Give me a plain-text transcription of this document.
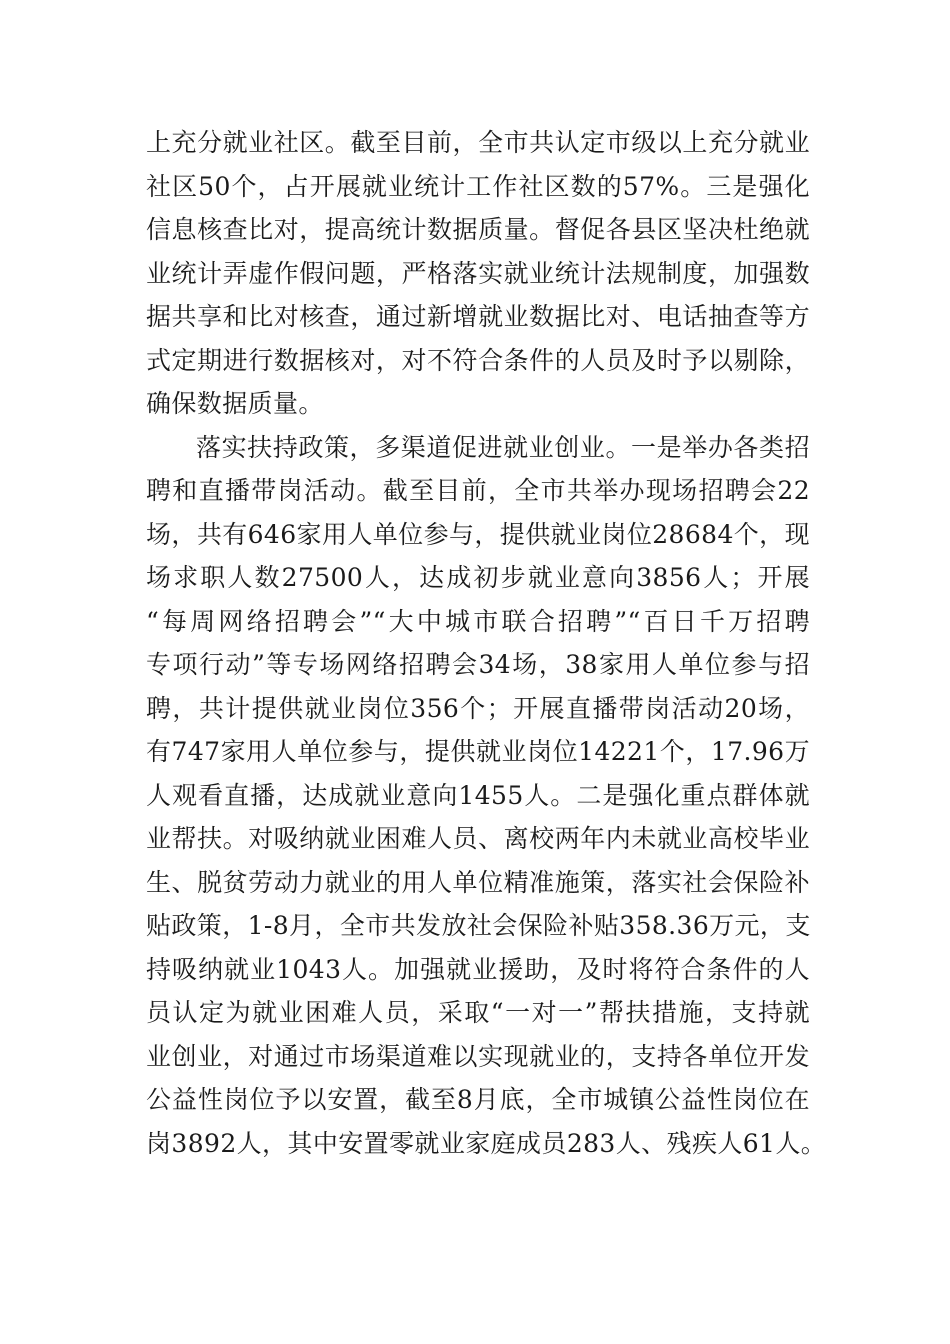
上充分就业社区。截至目前，全市共认定市级以上充分就业
社区50个，占开展就业统计工作社区数的57%。三是强化
信息核查比对，提高统计数据质量。督促各县区坚决杜绝就
业统计弄虚作假问题，严格落实就业统计法规制度，加强数
据共享和比对核查，通过新增就业数据比对、电话抽查等方
式定期进行数据核对，对不符合条件的人员及时予以剔除，
确保数据质量。

落实扶持政策，多渠道促进就业创业。一是举办各类招
聘和直播带岗活动。截至目前，全市共举办现场招聘会22
场，共有646家用人单位参与，提供就业岗位28684个，现
场求职人数27500人，达成初步就业意向3856人；开展
“每周网络招聘会”“大中城市联合招聘”“百日千万招聘
专项行动”等专场网络招聘会34场，38家用人单位参与招
聘，共计提供就业岗位356个；开展直播带岗活动20场，
有747家用人单位参与，提供就业岗位14221个，17.96万
人观看直播，达成就业意向1455人。二是强化重点群体就
业帮扶。对吸纳就业困难人员、离校两年内未就业高校毕业
生、脱贫劳动力就业的用人单位精准施策，落实社会保险补
贴政策，1-8月，全市共发放社会保险补贴358.36万元，支
持吸纳就业1043人。加强就业援助，及时将符合条件的人
员认定为就业困难人员，采取“一对一”帮扶措施，支持就
业创业，对通过市场渠道难以实现就业的，支持各单位开发
公益性岗位予以安置，截至8月底，全市城镇公益性岗位在
岗3892人，其中安置零就业家庭成员283人、残疾人61人。
